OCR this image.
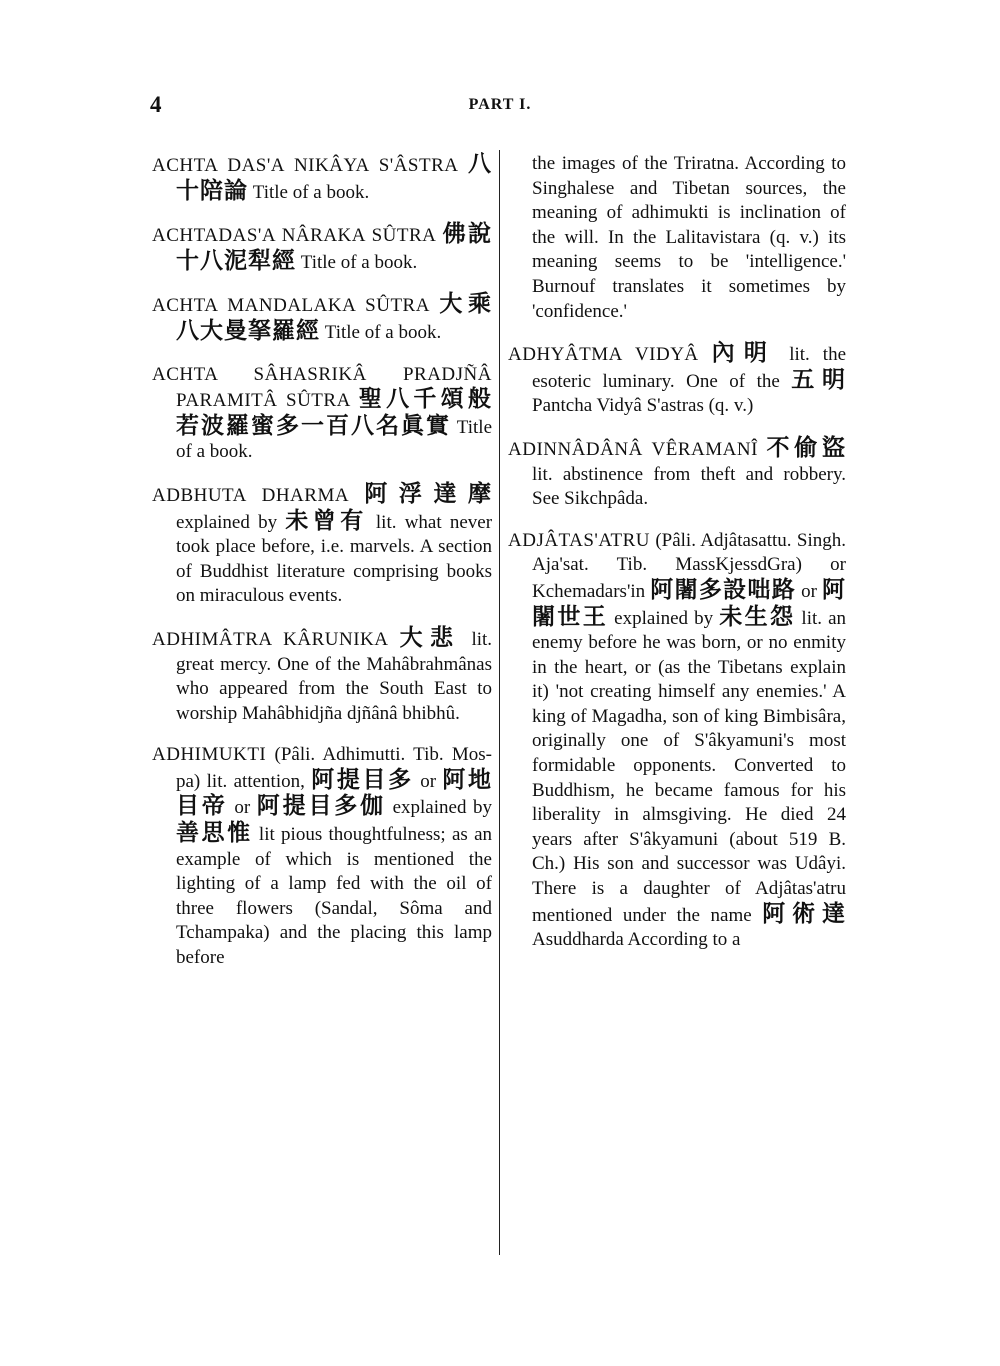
4	PART I.

ACHTA DAS'A NIKÂYA S'ÂSTRA 八十陪論 Title of a book.

ACHTADAS'A NÂRAKA SÛTRA 佛說十八泥犁經 Title of a book.

ACHTA MANDALAKA SÛTRA 大乘八大曼拏羅經 Title of a book.

ACHTA SÂHASRIKÂ PRADJÑÂ PARAMITÂ SÛTRA 聖八千頌般若波羅蜜多一百八名眞實 Title of a book.

ADBHUTA DHARMA 阿浮達摩 explained by 未曾有 lit. what never took place before, i.e. marvels. A section of Buddhist literature comprising books on miraculous events.

ADHIMÂTRA KÂRUNIKA 大悲 lit. great mercy. One of the Mahâbrahmânas who appeared from the South East to worship Mahâbhidjña djñânâ bhibhû.

ADHIMUKTI (Pâli. Adhimutti. Tib. Mos-pa) lit. attention, 阿提目多 or 阿地目帝 or 阿提目多伽 explained by 善思惟 lit pious thoughtfulness; as an example of which is mentioned the lighting of a lamp fed with the oil of three flowers (Sandal, Sôma and Tchampaka) and the placing this lamp before

the images of the Triratna. According to Singhalese and Tibetan sources, the meaning of adhimukti is inclination of the will. In the Lalitavistara (q. v.) its meaning seems to be 'intelligence.' Burnouf translates it sometimes by 'confidence.'

ADHYÂTMA VIDYÂ 內明 lit. the esoteric luminary. One of the 五明 Pantcha Vidyâ S'astras (q. v.)

ADINNÂDÂNÂ VÊRAMANÎ 不偷盜 lit. abstinence from theft and robbery. See Sikchpâda.

ADJÂTAS'ATRU (Pâli. Adjâtasattu. Singh. Aja'sat. Tib. MassKjessdGra) or Kchemadars'in 阿闍多設咄路 or 阿闍世王 explained by 未生怨 lit. an enemy before he was born, or no enmity in the heart, or (as the Tibetans explain it) 'not creating himself any enemies.' A king of Magadha, son of king Bimbisâra, originally one of S'âkyamuni's most formidable opponents. Converted to Buddhism, he became famous for his liberality in almsgiving. He died 24 years after S'âkyamuni (about 519 B. Ch.) His son and successor was Udâyi. There is a daughter of Adjâtas'atru mentioned under the name 阿術達 Asuddharda According to a
